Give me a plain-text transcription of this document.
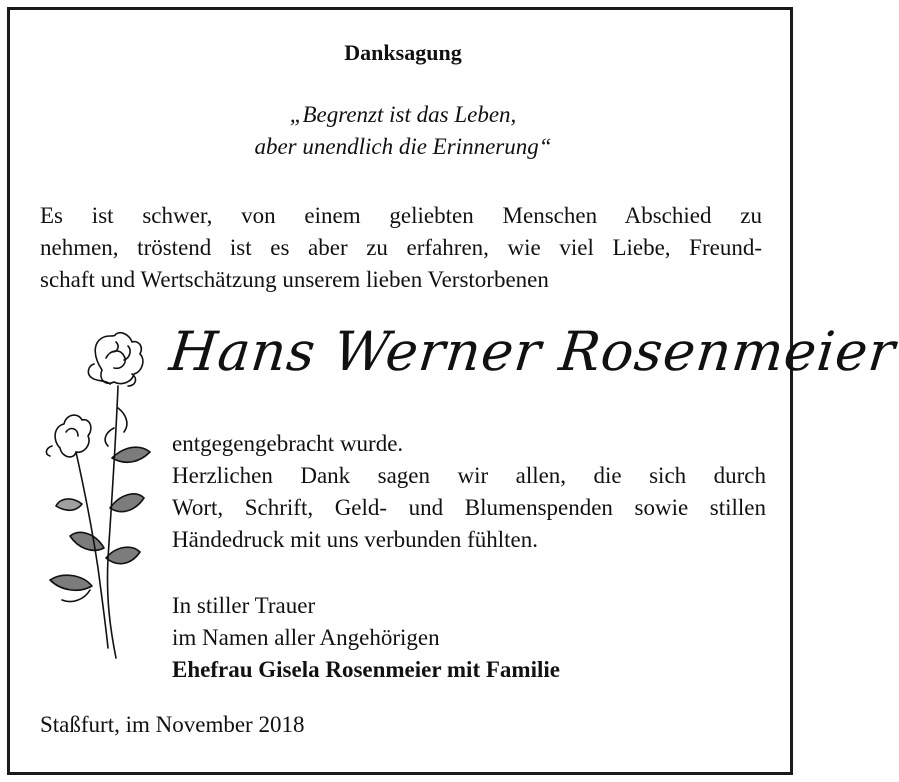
Danksagung

„Begrenzt ist das Leben,

aber unendlich die Erinnerung“

Es ist schwer, von einem geliebten Menschen Abschied zu

nehmen, tröstend ist es aber zu erfahren, wie viel Liebe, Freund-

schaft und Wertschätzung unserem lieben Verstorbenen

Hans Werner Rosenmeier

entgegengebracht wurde.

Herzlichen Dank sagen wir allen, die sich durch

Wort, Schrift, Geld- und Blumenspenden sowie stillen

Händedruck mit uns verbunden fühlten.

In stiller Trauer

im Namen aller Angehörigen

Ehefrau Gisela Rosenmeier mit Familie

Staßfurt, im November 2018
